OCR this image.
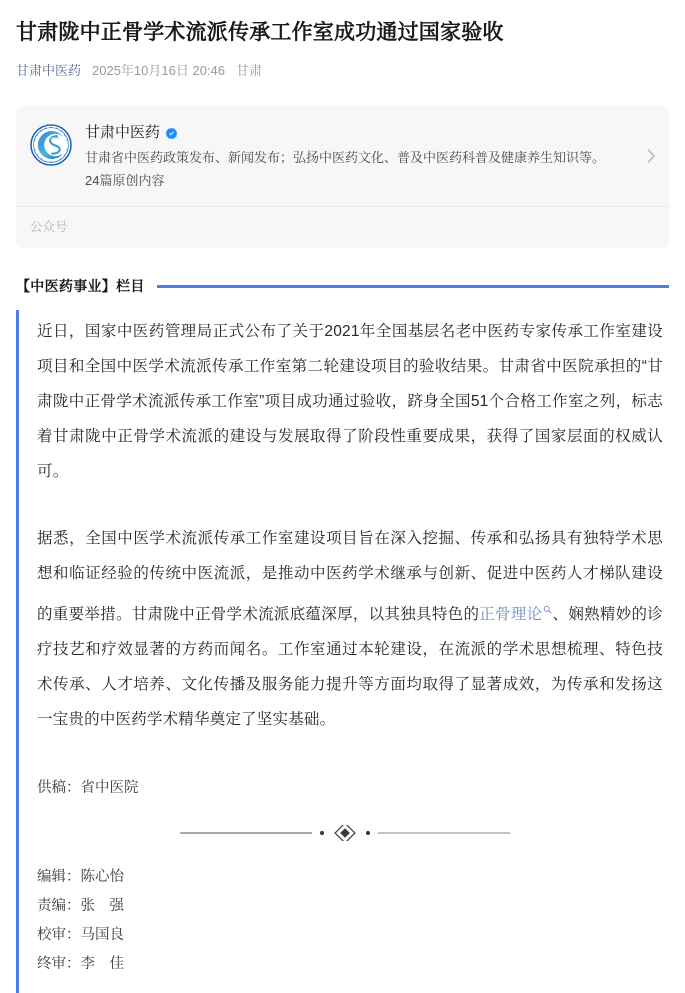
甘肃陇中正骨学术流派传承工作室成功通过国家验收
甘肃中医药 2025年10月16日 20:46 甘肃
甘肃中医药
甘肃省中医药政策发布、新闻发布；弘扬中医药文化、普及中医药科普及健康养生知识等。
24篇原创内容
公众号
【中医药事业】栏目

近日，国家中医药管理局正式公布了关于2021年全国基层名老中医药专家传承工作室建设项目和全国中医学术流派传承工作室第二轮建设项目的验收结果。甘肃省中医院承担的“甘肃陇中正骨学术流派传承工作室”项目成功通过验收，跻身全国51个合格工作室之列，标志着甘肃陇中正骨学术流派的建设与发展取得了阶段性重要成果，获得了国家层面的权威认可。

据悉，全国中医学术流派传承工作室建设项目旨在深入挖掘、传承和弘扬具有独特学术思想和临证经验的传统中医流派，是推动中医药学术继承与创新、促进中医药人才梯队建设的重要举措。甘肃陇中正骨学术流派底蕴深厚，以其独具特色的正骨理论 、娴熟精妙的诊疗技艺和疗效显著的方药而闻名。工作室通过本轮建设，在流派的学术思想梳理、特色技术传承、人才培养、文化传播及服务能力提升等方面均取得了显著成效，为传承和发扬这一宝贵的中医药学术精华奠定了坚实基础。

供稿：省中医院
编辑：陈心怡
责编：张　强
校审：马国良
终审：李　佳
